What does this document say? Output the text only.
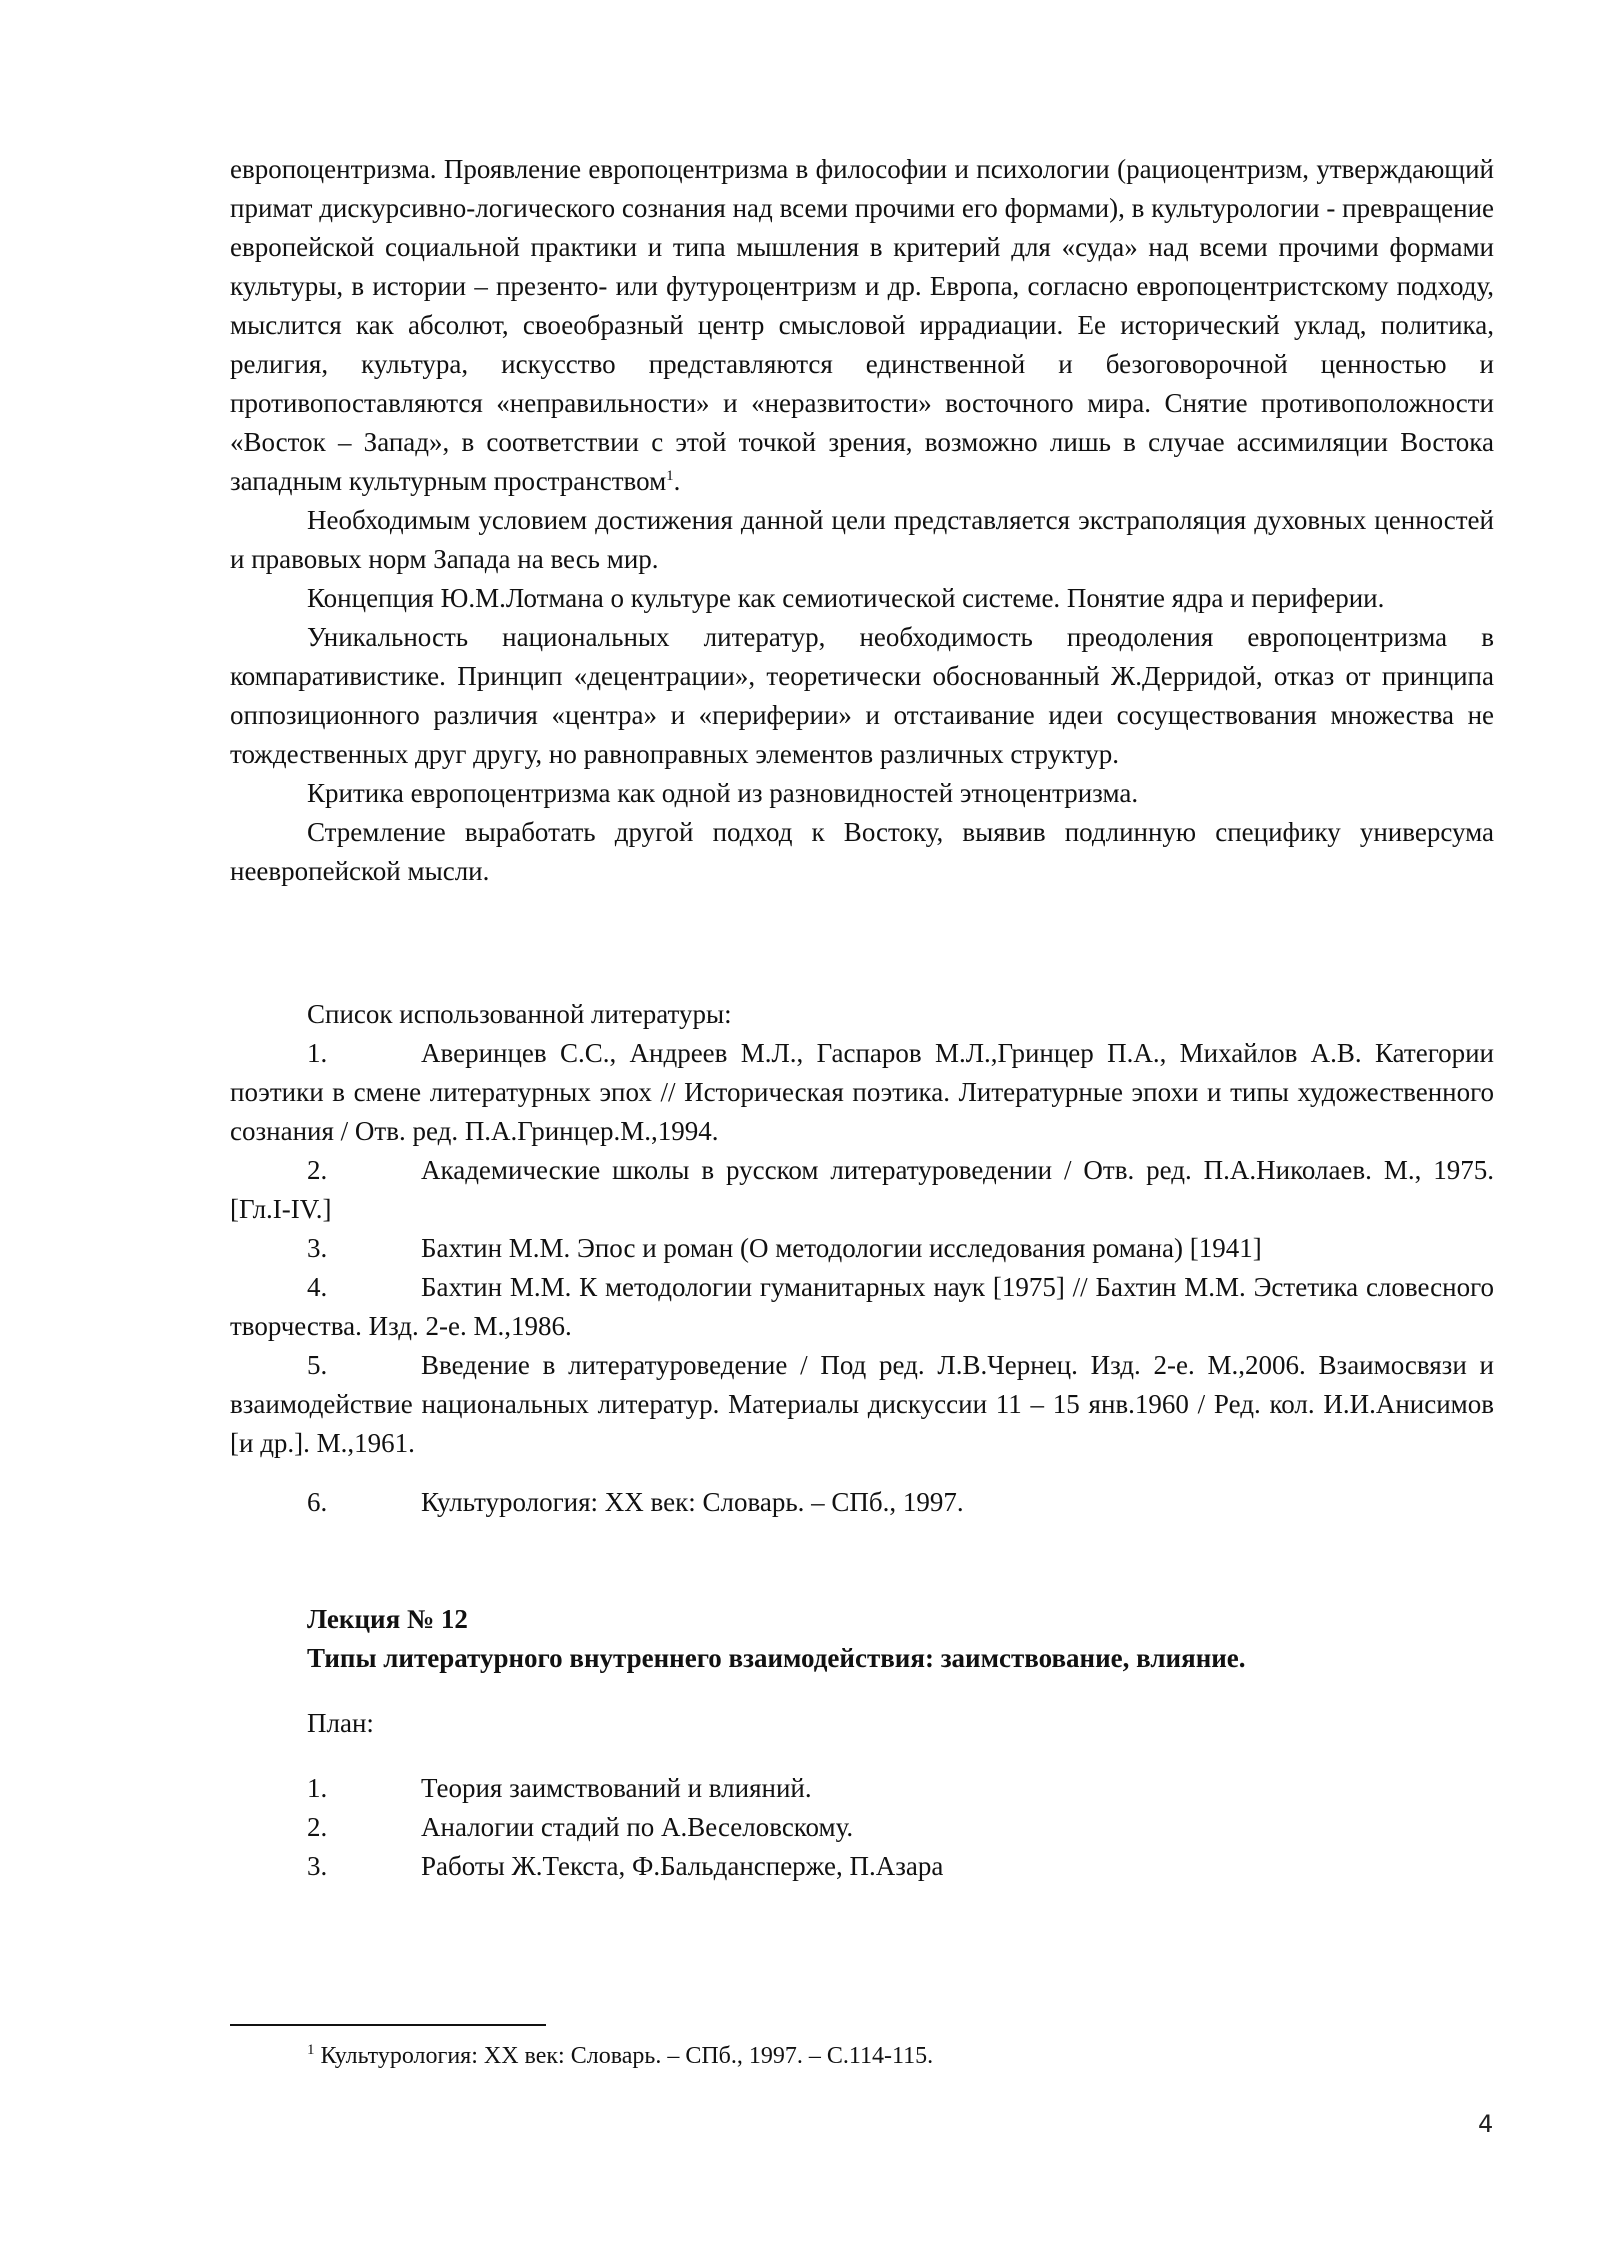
европоцентризма. Проявление европоцентризма в философии и психологии (рациоцентризм, утверждающий примат дискурсивно-логического сознания над всеми прочими его формами), в культурологии - превращение европейской социальной практики и типа мышления в критерий для «суда» над всеми прочими формами культуры, в истории – презенто- или футуроцентризм и др. Европа, согласно европоцентристскому подходу, мыслится как абсолют, своеобразный центр смысловой иррадиации. Ее исторический уклад, политика, религия, культура, искусство представляются единственной и безоговорочной ценностью и противопоставляются «неправильности» и «неразвитости» восточного мира. Снятие противоположности «Восток – Запад», в соответствии с этой точкой зрения, возможно лишь в случае ассимиляции Востока западным культурным пространством$^1$.

Необходимым условием достижения данной цели представляется экстраполяция духовных ценностей и правовых норм Запада на весь мир.

Концепция Ю.М.Лотмана о культуре как семиотической системе. Понятие ядра и периферии.

Уникальность национальных литератур, необходимость преодоления европоцентризма в компаративистике. Принцип «децентрации», теоретически обоснованный Ж.Дерридой, отказ от принципа оппозиционного различия «центра» и «периферии» и отстаивание идеи сосуществования множества не тождественных друг другу, но равноправных элементов различных структур.

Критика европоцентризма как одной из разновидностей этноцентризма.

Стремление выработать другой подход к Востоку, выявив подлинную специфику универсума неевропейской мысли.

Список использованной литературы:

1.	Аверинцев С.С., Андреев М.Л., Гаспаров М.Л.,Гринцер П.А., Михайлов А.В. Категории поэтики в смене литературных эпох // Историческая поэтика. Литературные эпохи и типы художественного сознания / Отв. ред. П.А.Гринцер.М.,1994.

2.	Академические школы в русском литературоведении / Отв. ред. П.А.Николаев. М., 1975. [Гл.I-IV.]

3.	Бахтин М.М. Эпос и роман (О методологии исследования романа) [1941]

4.	Бахтин М.М. К методологии гуманитарных наук [1975] // Бахтин М.М. Эстетика словесного творчества. Изд. 2-е. М.,1986.

5.	Введение в литературоведение / Под ред. Л.В.Чернец. Изд. 2-е. М.,2006. Взаимосвязи и взаимодействие национальных литератур. Материалы дискуссии 11 – 15 янв.1960 / Ред. кол. И.И.Анисимов [и др.]. М.,1961.

6.	Культурология: XX век: Словарь. – СПб., 1997.

Лекция № 12

Типы литературного внутреннего взаимодействия: заимствование, влияние.

План:

1.	Теория заимствований и влияний.

2.	Аналогии стадий по А.Веселовскому.

3.	Работы Ж.Текста, Ф.Бальдансперже, П.Азара

$^1$ Культурология: XX век: Словарь. – СПб., 1997. – С.114-115.
4
